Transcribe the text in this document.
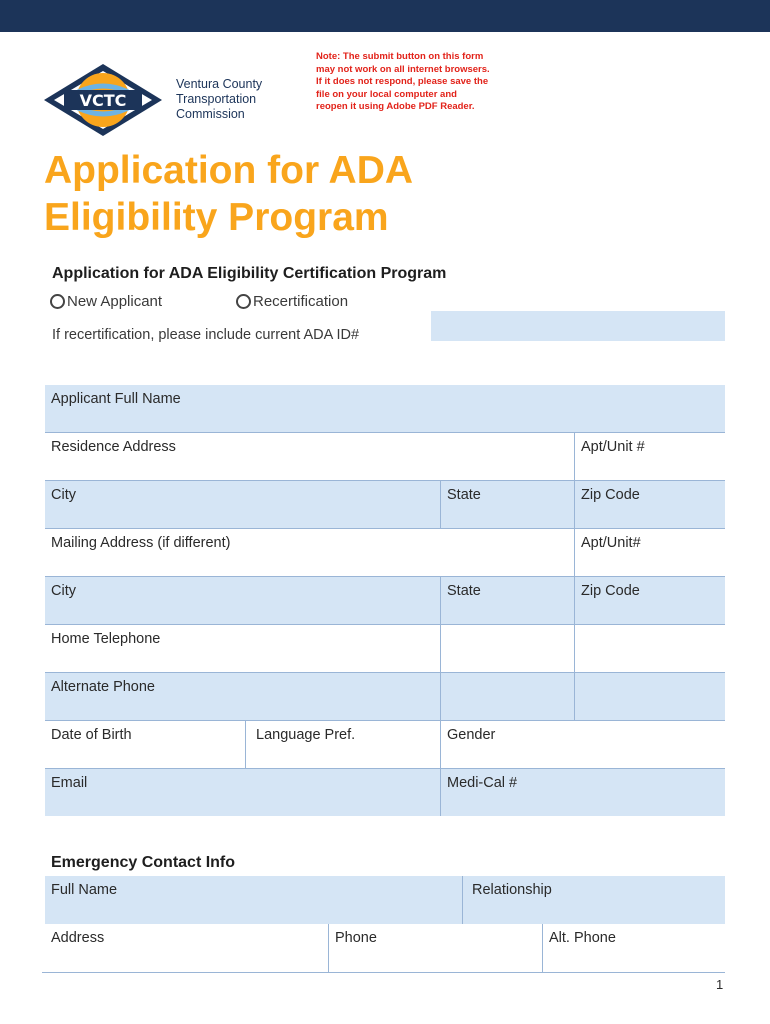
VCTC
Ventura County
Transportation
Commission
Note: The submit button on this form may not work on all internet browsers. If it does not respond, please save the file on your local computer and reopen it using Adobe PDF Reader.
Application for ADA
Eligibility Program
Application for ADA Eligibility Certification Program
New Applicant	Recertification
If recertification, please include current ADA ID#
Applicant Full Name
Residence Address	Apt/Unit #
City	State	Zip Code
Mailing Address (if different)	Apt/Unit#
City	State	Zip Code
Home Telephone
Alternate Phone
Date of Birth	Language Pref.	Gender
Email	Medi-Cal #
Emergency Contact Info
Full Name	Relationship
Address	Phone	Alt. Phone
1
